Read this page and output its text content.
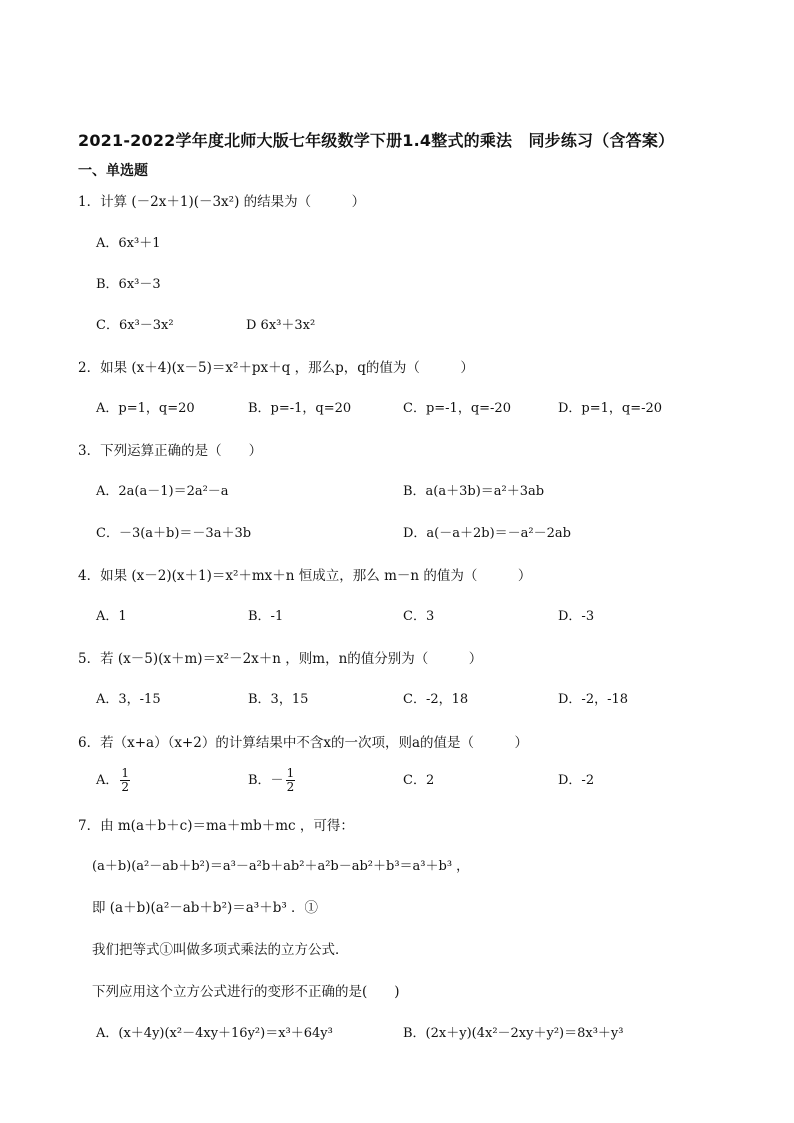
2021-2022学年度北师大版七年级数学下册1.4整式的乘法　同步练习（含答案）
一、单选题
1．计算 (－2x＋1)(－3x²) 的结果为（　　　）
A．6x³＋1
B．6x³－3
C．6x³－3x²	D 6x³＋3x²
2．如果 (x＋4)(x－5)＝x²＋px＋q ，那么p，q的值为（　　　）
A．p=1，q=20	B．p=-1，q=20	C．p=-1，q=-20	D．p=1，q=-20
3．下列运算正确的是（　　）
A．2a(a－1)＝2a²－a	B．a(a＋3b)＝a²＋3ab
C．－3(a＋b)＝－3a＋3b	D．a(－a＋2b)＝－a²－2ab
4．如果 (x－2)(x＋1)＝x²＋mx＋n 恒成立，那么 m－n 的值为（　　　）
A．1	B．-1	C．3	D．-3
5．若 (x－5)(x＋m)＝x²－2x＋n ，则m，n的值分别为（　　　）
A．3，-15	B．3，15	C．-2，18	D．-2，-18
6．若（x+a）（x+2）的计算结果中不含x的一次项，则a的值是（　　　）
A． $\frac{1}{2}$	B．－ $\frac{1}{2}$	C．2	D．-2
7．由 m(a＋b＋c)＝ma＋mb＋mc ，可得：
(a＋b)(a²－ab＋b²)＝a³－a²b＋ab²＋a²b－ab²＋b³＝a³＋b³ ，
即 (a＋b)(a²－ab＋b²)＝a³＋b³ ．①
我们把等式①叫做多项式乘法的立方公式．
下列应用这个立方公式进行的变形不正确的是(　　)
A．(x＋4y)(x²－4xy＋16y²)＝x³＋64y³	B．(2x＋y)(4x²－2xy＋y²)＝8x³＋y³
